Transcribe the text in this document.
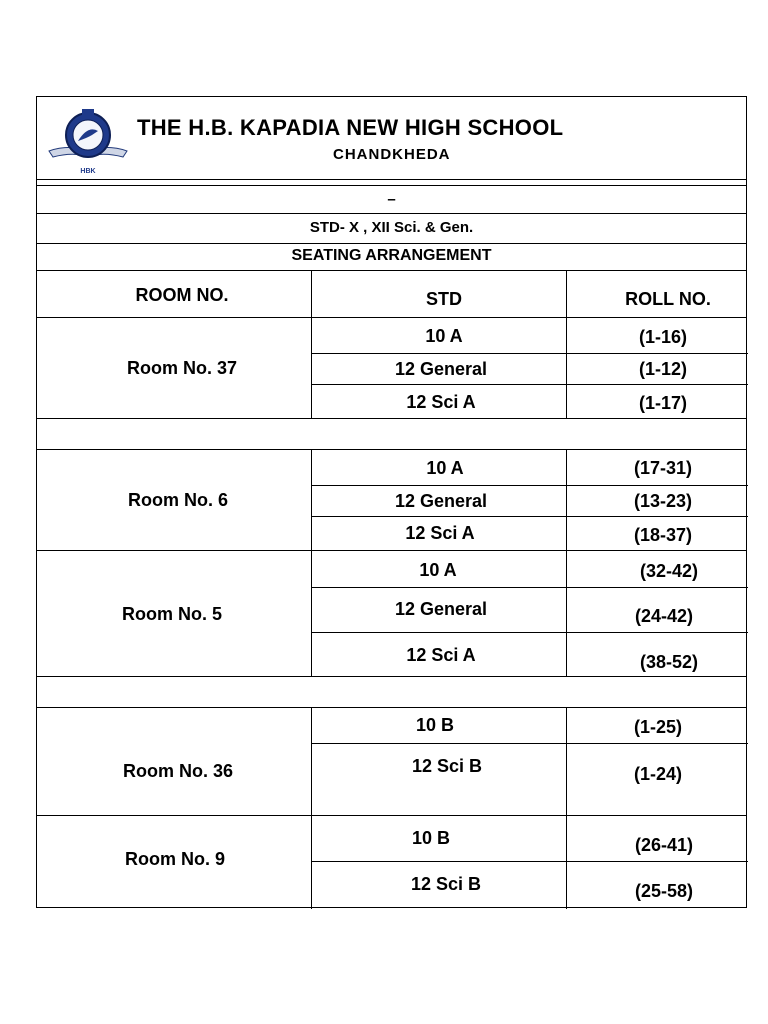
HBK
THE H.B. KAPADIA NEW HIGH SCHOOL
CHANDKHEDA
–
STD- X , XII Sci. & Gen.
SEATING ARRANGEMENT
ROOM NO.	STD	ROLL NO.
Room No. 37
10 A	(1-16)
12 General	(1-12)
12 Sci A	(1-17)
Room No. 6
10 A	(17-31)
12 General	(13-23)
12 Sci A	(18-37)
Room No. 5
10 A	(32-42)
12 General	(24-42)
12 Sci A	(38-52)
Room No. 36
10 B	(1-25)
12 Sci B	(1-24)
Room No. 9
10 B	(26-41)
12 Sci B	(25-58)
